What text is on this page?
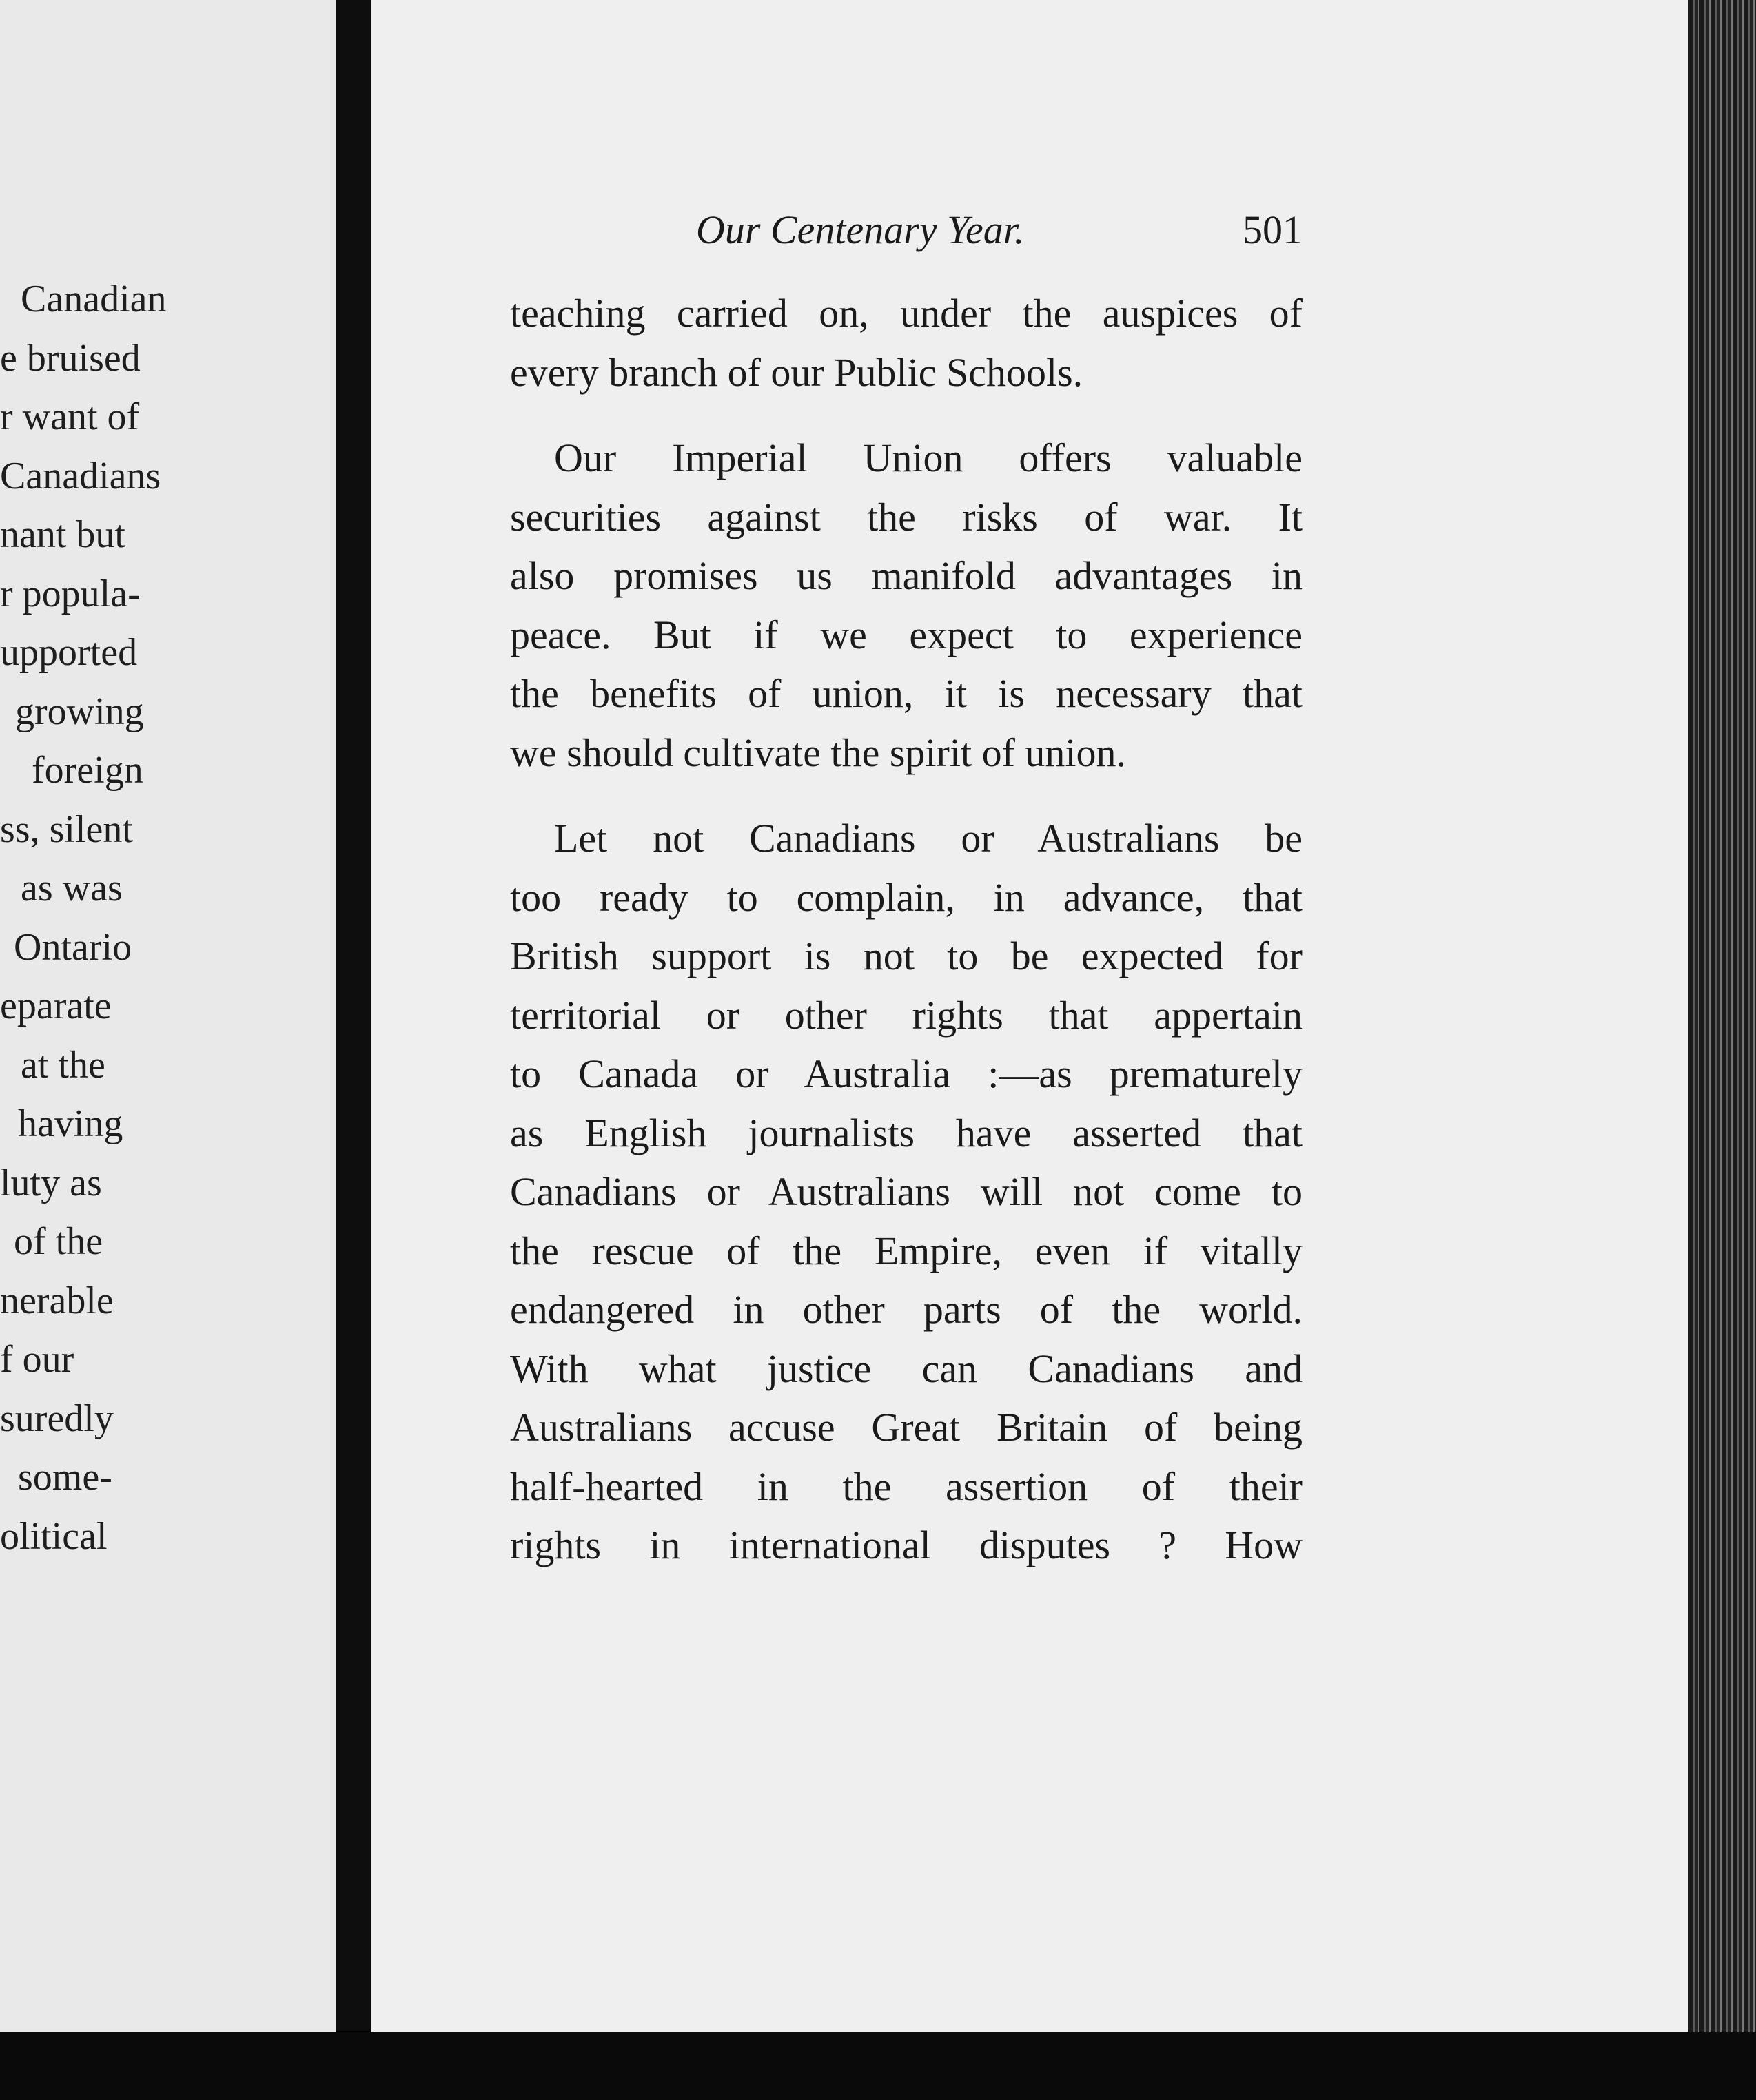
Canadian
e bruised
r want of
Canadians
nant but
r popula-
upported
growing
foreign
ss, silent
as was
Ontario
eparate
at the
having
luty as
of the
nerable
f our
suredly
some-
olitical
Our Centenary Year.	501
teaching carried on, under the auspices of
every branch of our Public Schools.
Our Imperial Union offers valuable
securities against the risks of war. It
also promises us manifold advantages in
peace. But if we expect to experience
the benefits of union, it is necessary that
we should cultivate the spirit of union.
Let not Canadians or Australians be
too ready to complain, in advance, that
British support is not to be expected for
territorial or other rights that appertain
to Canada or Australia :—as prematurely
as English journalists have asserted that
Canadians or Australians will not come to
the rescue of the Empire, even if vitally
endangered in other parts of the world.
With what justice can Canadians and
Australians accuse Great Britain of being
half-hearted in the assertion of their
rights in international disputes ? How
